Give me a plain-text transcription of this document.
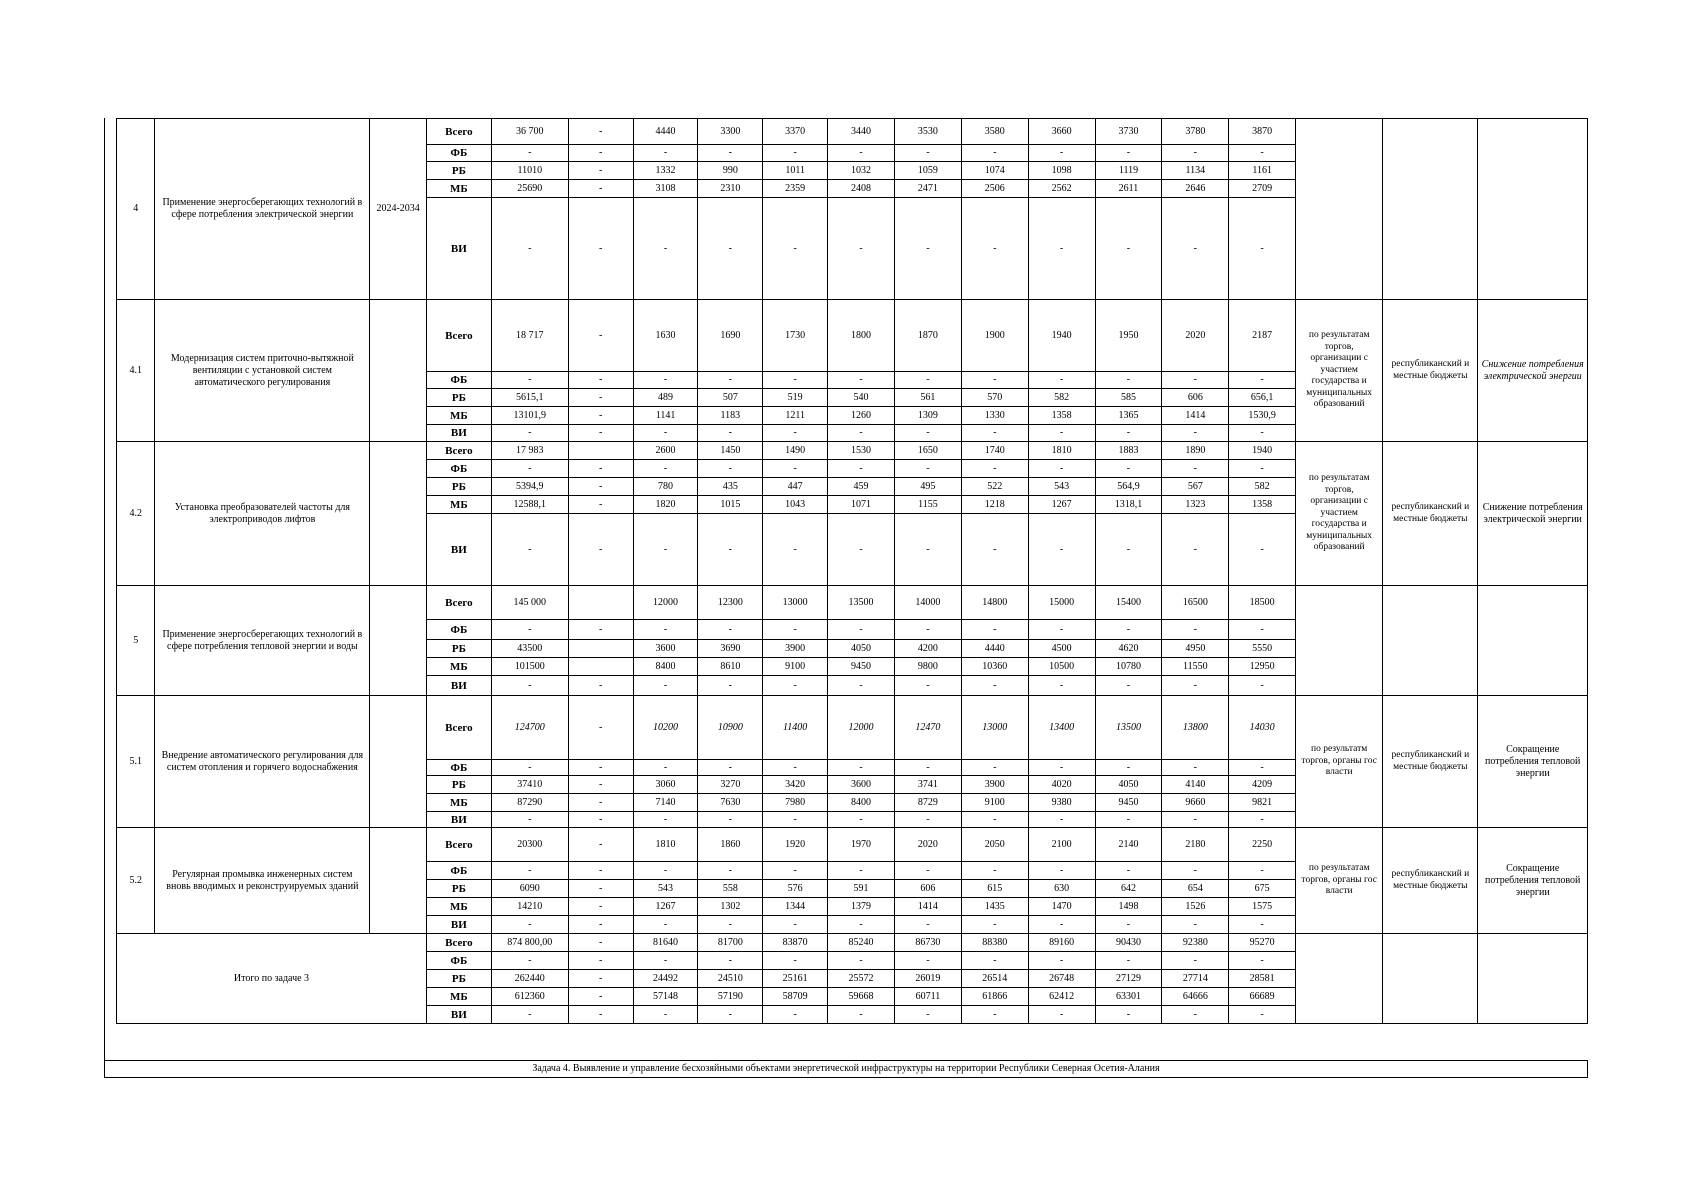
4	Применение энергосберегающих технологий в сфере потребления электрической энергии	2024-2034	Всего	36 700	-	4440	3300	3370	3440	3530	3580	3660	3730	3780	3870			
			ФБ	-	-	-	-	-	-	-	-	-	-	-	-			
			РБ	11010	-	1332	990	1011	1032	1059	1074	1098	1119	1134	1161			
			МБ	25690	-	3108	2310	2359	2408	2471	2506	2562	2611	2646	2709			
			ВИ	-	-	-	-	-	-	-	-	-	-	-	-			
4.1	Модернизация систем приточно-вытяжной вентиляции с установкой систем автоматического регулирования		Всего	18 717	-	1630	1690	1730	1800	1870	1900	1940	1950	2020	2187	по результатам торгов, организации с участием государства и муниципальных образований	республиканский и местные бюджеты	Снижение потребления электрической энергии
			ФБ	-	-	-	-	-	-	-	-	-	-	-	-			
			РБ	5615,1	-	489	507	519	540	561	570	582	585	606	656,1			
			МБ	13101,9	-	1141	1183	1211	1260	1309	1330	1358	1365	1414	1530,9			
			ВИ	-	-	-	-	-	-	-	-	-	-	-	-			
4.2	Установка преобразователей частоты для электроприводов лифтов		Всего	17 983		2600	1450	1490	1530	1650	1740	1810	1883	1890	1940	по результатам торгов, организации с участием государства и муниципальных образований	республиканский и местные бюджеты	Снижение потребления электрической энергии
			ФБ	-	-	-	-	-	-	-	-	-	-	-	-			
			РБ	5394,9	-	780	435	447	459	495	522	543	564,9	567	582			
			МБ	12588,1	-	1820	1015	1043	1071	1155	1218	1267	1318,1	1323	1358			
			ВИ	-	-	-	-	-	-	-	-	-	-	-	-			
5	Применение энергосберегающих технологий в сфере потребления тепловой энергии и воды		Всего	145 000		12000	12300	13000	13500	14000	14800	15000	15400	16500	18500			
			ФБ	-	-	-	-	-	-	-	-	-	-	-	-			
			РБ	43500		3600	3690	3900	4050	4200	4440	4500	4620	4950	5550			
			МБ	101500		8400	8610	9100	9450	9800	10360	10500	10780	11550	12950			
			ВИ	-	-	-	-	-	-	-	-	-	-	-	-			
5.1	Внедрение автоматического регулирования для систем отопления и горячего водоснабжения		Всего	124700	-	10200	10900	11400	12000	12470	13000	13400	13500	13800	14030	по результатм торгов, органы гос власти	республиканский и местные бюджеты	Сокращение потребления тепловой энергии
			ФБ	-	-	-	-	-	-	-	-	-	-	-	-			
			РБ	37410	-	3060	3270	3420	3600	3741	3900	4020	4050	4140	4209			
			МБ	87290	-	7140	7630	7980	8400	8729	9100	9380	9450	9660	9821			
			ВИ	-	-	-	-	-	-	-	-	-	-	-	-			
5.2	Регулярная промывка инженерных систем вновь вводимых и реконструируемых зданий		Всего	20300	-	1810	1860	1920	1970	2020	2050	2100	2140	2180	2250	по результатам торгов, органы гос власти	республиканский и местные бюджеты	Сокращение потребления тепловой энергии
			ФБ	-	-	-	-	-	-	-	-	-	-	-	-			
			РБ	6090	-	543	558	576	591	606	615	630	642	654	675			
			МБ	14210	-	1267	1302	1344	1379	1414	1435	1470	1498	1526	1575			
			ВИ	-	-	-	-	-	-	-	-	-	-	-	-			
Итого по задаче 3			Всего	874 800,00	-	81640	81700	83870	85240	86730	88380	89160	90430	92380	95270			
			ФБ	-	-	-	-	-	-	-	-	-	-	-	-			
			РБ	262440	-	24492	24510	25161	25572	26019	26514	26748	27129	27714	28581			
			МБ	612360	-	57148	57190	58709	59668	60711	61866	62412	63301	64666	66689			
			ВИ	-	-	-	-	-	-	-	-	-	-	-	-			
Задача 4. Выявление и управление бесхозяйными объектами энергетической инфраструктуры на территории Республики Северная Осетия-Алания
